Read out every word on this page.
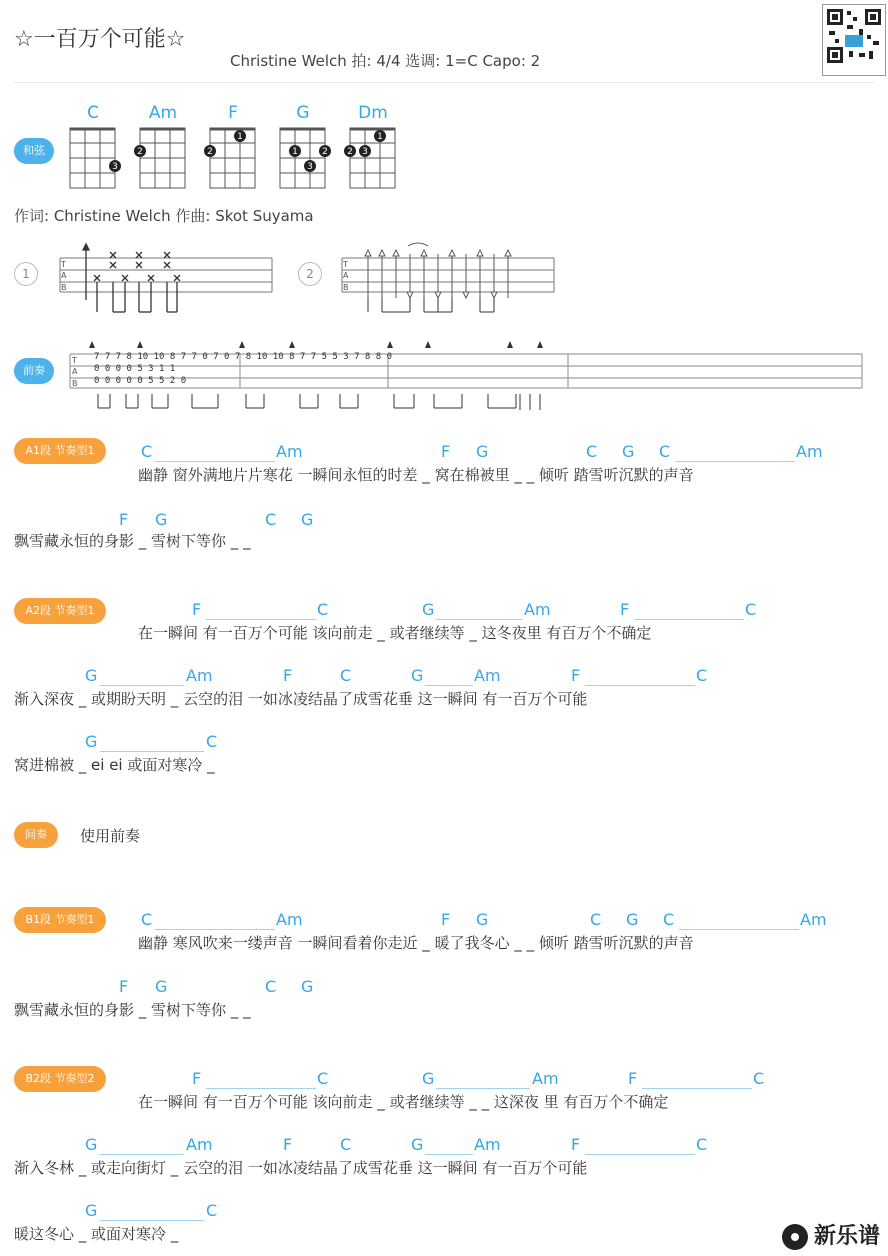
☆一百万个可能☆
Christine Welch 拍: 4/4 选调: 1=C Capo: 2
和弦
C	Am	F	G	Dm
3
2	2
1
1	2
3
2 3
1
作词: Christine Welch 作曲: Skot Suyama
1
T
A
B
2
T
A
B
前奏
T
A
B
7 7 7 8 10 10 8 7 7 0 7 0 7 8 10 10 8 7 7 5 5 3 7 8 8 0
0 0 0 0 5 3 1 1
0 0 0 0 0 5 5 2 0
A1段 节奏型1	C	Am	F G	C G C	Am
幽静 窗外满地片片寒花 一瞬间永恒的时差 _ 窝在棉被里 _ _ 倾听 踏雪听沉默的声音
F G	C G
飘雪藏永恒的身影 _ 雪树下等你 _ _
A2段 节奏型1	F	C	G	Am	F	C
在一瞬间 有一百万个可能 该向前走 _ 或者继续等 _ 这冬夜里 有百万个不确定
G	Am	F	C	G	Am	F	C
渐入深夜 _ 或期盼天明 _ 云空的泪 一如冰凌结晶了成雪花垂 这一瞬间 有一百万个可能
G	C
窝进棉被 _ ei ei 或面对寒冷 _
间奏	使用前奏
B1段 节奏型1	C	Am	F G	C G C	Am
幽静 寒风吹来一缕声音 一瞬间看着你走近 _ 暖了我冬心 _ _ 倾听 踏雪听沉默的声音
F G	C G
飘雪藏永恒的身影 _ 雪树下等你 _ _
B2段 节奏型2	F	C	G	Am	F	C
在一瞬间 有一百万个可能 该向前走 _ 或者继续等 _ _ 这深夜 里 有百万个不确定
G	Am	F	C	G	Am	F	C
渐入冬林 _ 或走向街灯 _ 云空的泪 一如冰凌结晶了成雪花垂 这一瞬间 有一百万个可能
G	C
暖这冬心 _ 或面对寒冷 _	新乐谱
